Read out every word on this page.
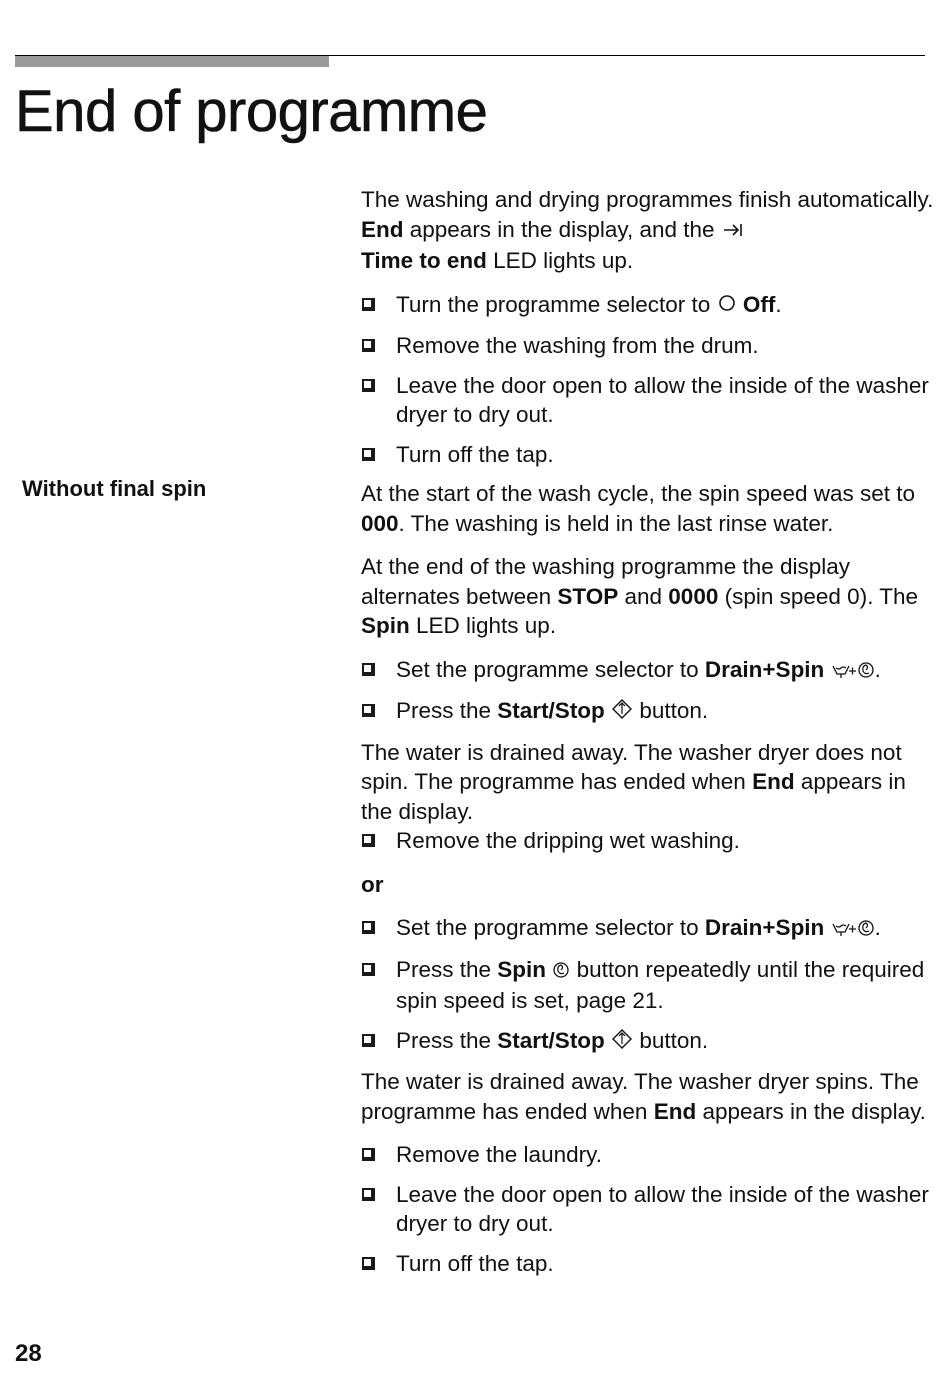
End of programme
Without final spin

The washing and drying programmes finish automatically. End appears in the display, and the
Time to end LED lights up.

Turn the programme selector to  Off.

Remove the washing from the drum.

Leave the door open to allow the inside of the washer dryer to dry out.

Turn off the tap.

At the start of the wash cycle, the spin speed was set to 000. The washing is held in the last rinse water.

At the end of the washing programme the display alternates between STOP and 0000 (spin speed 0). The Spin LED lights up.

Set the programme selector to Drain+Spin .

Press the Start/Stop  button.

The water is drained away. The washer dryer does not spin. The programme has ended when End appears in the display.

Remove the dripping wet washing.

or

Set the programme selector to Drain+Spin .

Press the Spin  button repeatedly until the required spin speed is set, page 21.

Press the Start/Stop  button.

The water is drained away. The washer dryer spins. The programme has ended when End appears in the display.

Remove the laundry.

Leave the door open to allow the inside of the washer dryer to dry out.

Turn off the tap.

28
